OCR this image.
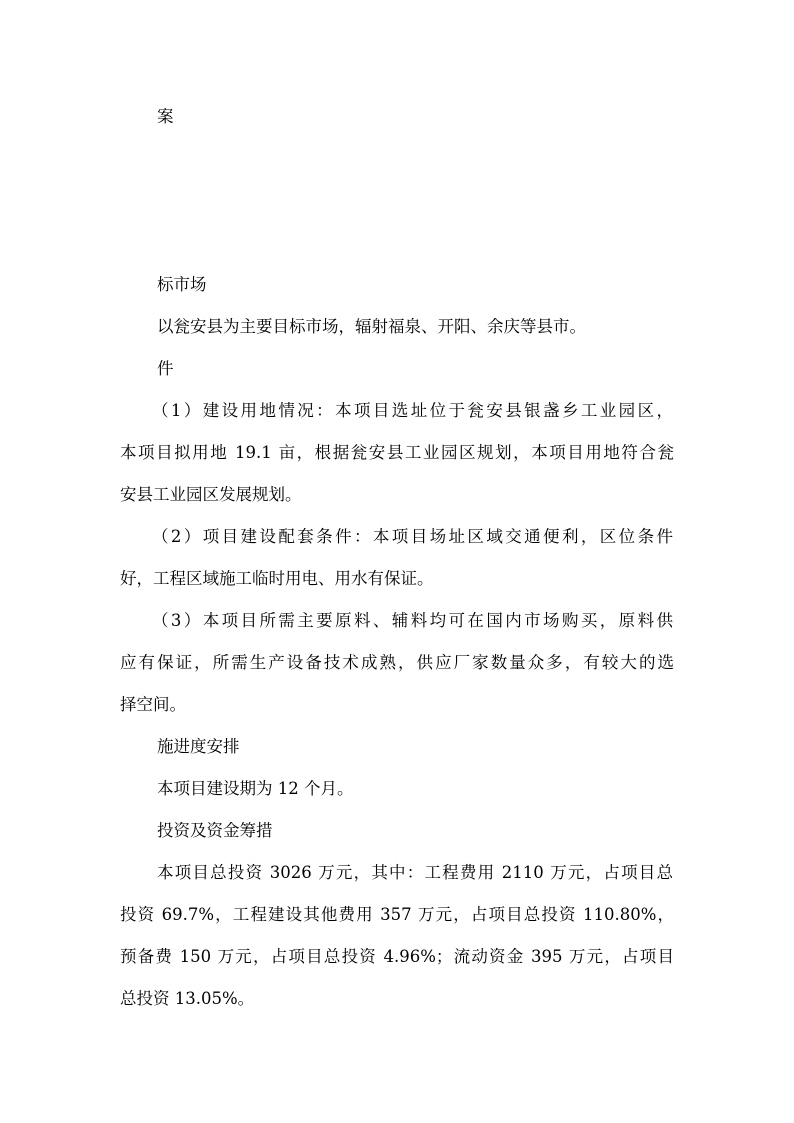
案
标市场
以瓮安县为主要目标市场，辐射福泉、开阳、余庆等县市。
件
（1）建设用地情况：本项目选址位于瓮安县银盏乡工业园区，
本项目拟用地 19.1 亩，根据瓮安县工业园区规划，本项目用地符合瓮
安县工业园区发展规划。
（2）项目建设配套条件：本项目场址区域交通便利，区位条件
好，工程区域施工临时用电、用水有保证。
（3）本项目所需主要原料、辅料均可在国内市场购买，原料供
应有保证，所需生产设备技术成熟，供应厂家数量众多，有较大的选
择空间。
施进度安排
本项目建设期为 12 个月。
投资及资金筹措
本项目总投资 3026 万元，其中：工程费用 2110 万元，占项目总
投资 69.7%，工程建设其他费用 357 万元，占项目总投资 110.80%，
预备费 150 万元，占项目总投资 4.96%；流动资金 395 万元，占项目
总投资 13.05%。
